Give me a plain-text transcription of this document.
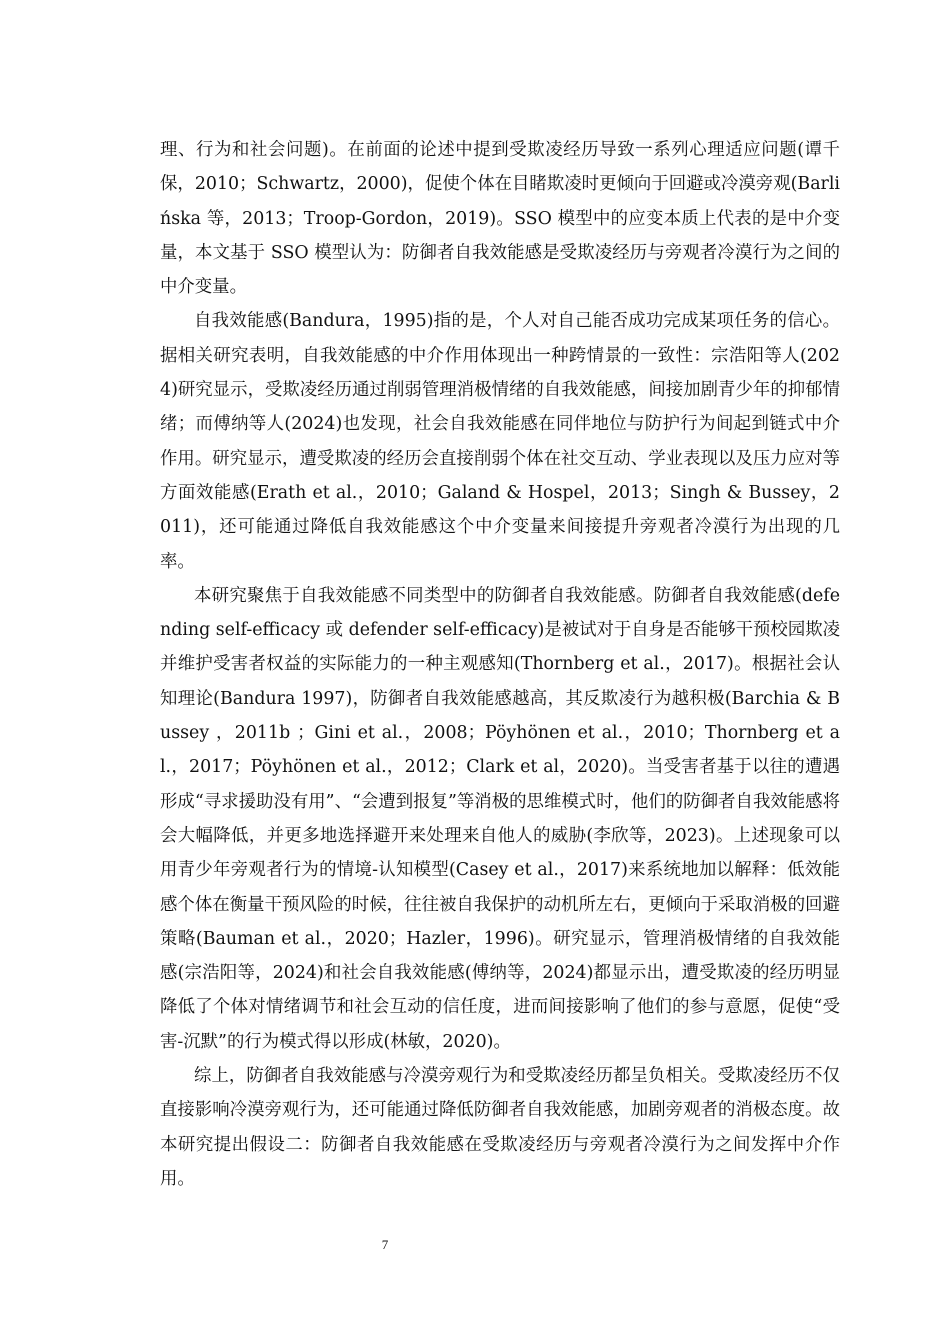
理、行为和社会问题)。在前面的论述中提到受欺凌经历导致一系列心理适应问题(谭千保，2010；Schwartz，2000)，促使个体在目睹欺凌时更倾向于回避或冷漠旁观(Barlińska 等，2013；Troop-Gordon，2019)。SSO 模型中的应变本质上代表的是中介变量，本文基于 SSO 模型认为：防御者自我效能感是受欺凌经历与旁观者冷漠行为之间的中介变量。

自我效能感(Bandura，1995)指的是，个人对自己能否成功完成某项任务的信心。据相关研究表明，自我效能感的中介作用体现出一种跨情景的一致性：宗浩阳等人(2024)研究显示，受欺凌经历通过削弱管理消极情绪的自我效能感，间接加剧青少年的抑郁情绪；而傅纳等人(2024)也发现，社会自我效能感在同伴地位与防护行为间起到链式中介作用。研究显示，遭受欺凌的经历会直接削弱个体在社交互动、学业表现以及压力应对等方面效能感(Erath et al.，2010；Galand & Hospel，2013；Singh & Bussey，2011)，还可能通过降低自我效能感这个中介变量来间接提升旁观者冷漠行为出现的几率。

本研究聚焦于自我效能感不同类型中的防御者自我效能感。防御者自我效能感(defending self-efficacy 或 defender self-efficacy)是被试对于自身是否能够干预校园欺凌并维护受害者权益的实际能力的一种主观感知(Thornberg et al.，2017)。根据社会认知理论(Bandura 1997)，防御者自我效能感越高，其反欺凌行为越积极(Barchia & Bussey ，2011b ；Gini et al.，2008；Pöyhönen et al.，2010；Thornberg et al.，2017；Pöyhönen et al.，2012；Clark et al，2020)。当受害者基于以往的遭遇形成“寻求援助没有用”、“会遭到报复”等消极的思维模式时，他们的防御者自我效能感将会大幅降低，并更多地选择避开来处理来自他人的威胁(李欣等，2023)。上述现象可以用青少年旁观者行为的情境-认知模型(Casey et al.，2017)来系统地加以解释：低效能感个体在衡量干预风险的时候，往往被自我保护的动机所左右，更倾向于采取消极的回避策略(Bauman et al.，2020；Hazler，1996)。研究显示，管理消极情绪的自我效能感(宗浩阳等，2024)和社会自我效能感(傅纳等，2024)都显示出，遭受欺凌的经历明显降低了个体对情绪调节和社会互动的信任度，进而间接影响了他们的参与意愿，促使“受害-沉默”的行为模式得以形成(林敏，2020)。

综上，防御者自我效能感与冷漠旁观行为和受欺凌经历都呈负相关。受欺凌经历不仅直接影响冷漠旁观行为，还可能通过降低防御者自我效能感，加剧旁观者的消极态度。故本研究提出假设二：防御者自我效能感在受欺凌经历与旁观者冷漠行为之间发挥中介作用。

7
